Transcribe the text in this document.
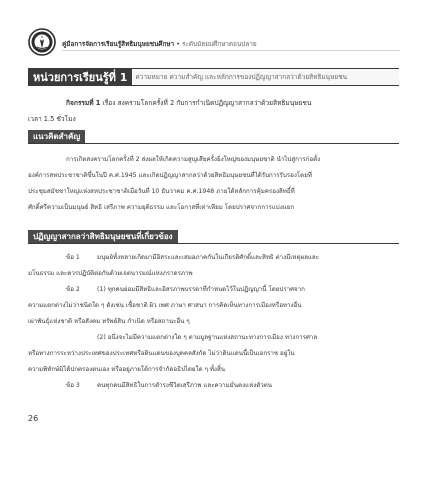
คู่มือการจัดการเรียนรู้สิทธิมนุษยชนศึกษา • ระดับมัธยมศึกษาตอนปลาย
หน่วยการเรียนรู้ที่ 1	ความหมาย ความสำคัญ และหลักการของปฏิญญาสากลว่าด้วยสิทธิมนุษยชน
กิจกรรมที่ 1 เรื่อง สงครามโลกครั้งที่ 2 กับการกำเนิดปฏิญญาสากลว่าด้วยสิทธิมนุษยชน
เวลา 1.5 ชั่วโมง
แนวคิดสำคัญ
การเกิดสงครามโลกครั้งที่ 2 ส่งผลให้เกิดความสูญเสียครั้งยิ่งใหญ่ของมนุษยชาติ นำไปสู่การก่อตั้ง
องค์การสหประชาชาติขึ้นในปี ค.ศ.1945 และเกิดปฏิญญาสากลว่าด้วยสิทธิมนุษยชนที่ได้รับการรับรองโดยที่
ประชุมสมัชชาใหญ่แห่งสหประชาชาติเมื่อวันที่ 10 ธันวาคม ค.ศ.1948 ภายใต้หลักการคุ้มครองสิทธิ์ที่
ศักดิ์ศรีความเป็นมนุษย์ สิทธิ เสรีภาพ ความยุติธรรม และโอกาสที่เท่าเทียม โดยปราศจากการแบ่งแยก
ปฏิญญาสากลว่าสิทธิมนุษยชนที่เกี่ยวข้อง
ข้อ 1	มนุษย์ทั้งหลายเกิดมามีอิสระและเสมอภาคกันในเกียรติศักดิ์และสิทธิ ต่างมีเหตุผลและ
มโนธรรม และควรปฏิบัติต่อกันด้วยเจตนารมณ์แห่งภราดรภาพ
ข้อ 2	(1) ทุกคนย่อมมีสิทธิและอิสรภาพบรรดาที่กำหนดไว้ในปฏิญญานี้ โดยปราศจาก
ความแตกต่างไม่ว่าชนิดใด ๆ ดังเช่น เชื้อชาติ ผิว เพศ ภาษา ศาสนา การคิดเห็นทางการเมืองหรือทางอื่น
เผ่าพันธุ์แห่งชาติ หรือสังคม ทรัพย์สิน กำเนิด หรือสถานะอื่น ๆ
(2) อนึ่งจะไม่มีความแตกต่างใด ๆ ตามมูลฐานแห่งสถานะทางการเมือง ทางการศาล
หรือทางการระหว่างประเทศของประเทศหรือดินแดนของบุคคลสังกัด ไม่ว่าดินแดนนี้เป็นเอกราช อยู่ใน
ความพิทักษ์มิได้ปกครองตนเอง หรืออยู่ภายใต้การจำกัดอธิปไตยใด ๆ ทั้งสิ้น
ข้อ 3	คนทุกคนมีสิทธิในการดำรงชีวิตเสรีภาพ และความมั่นคงแห่งตัวตน
26
